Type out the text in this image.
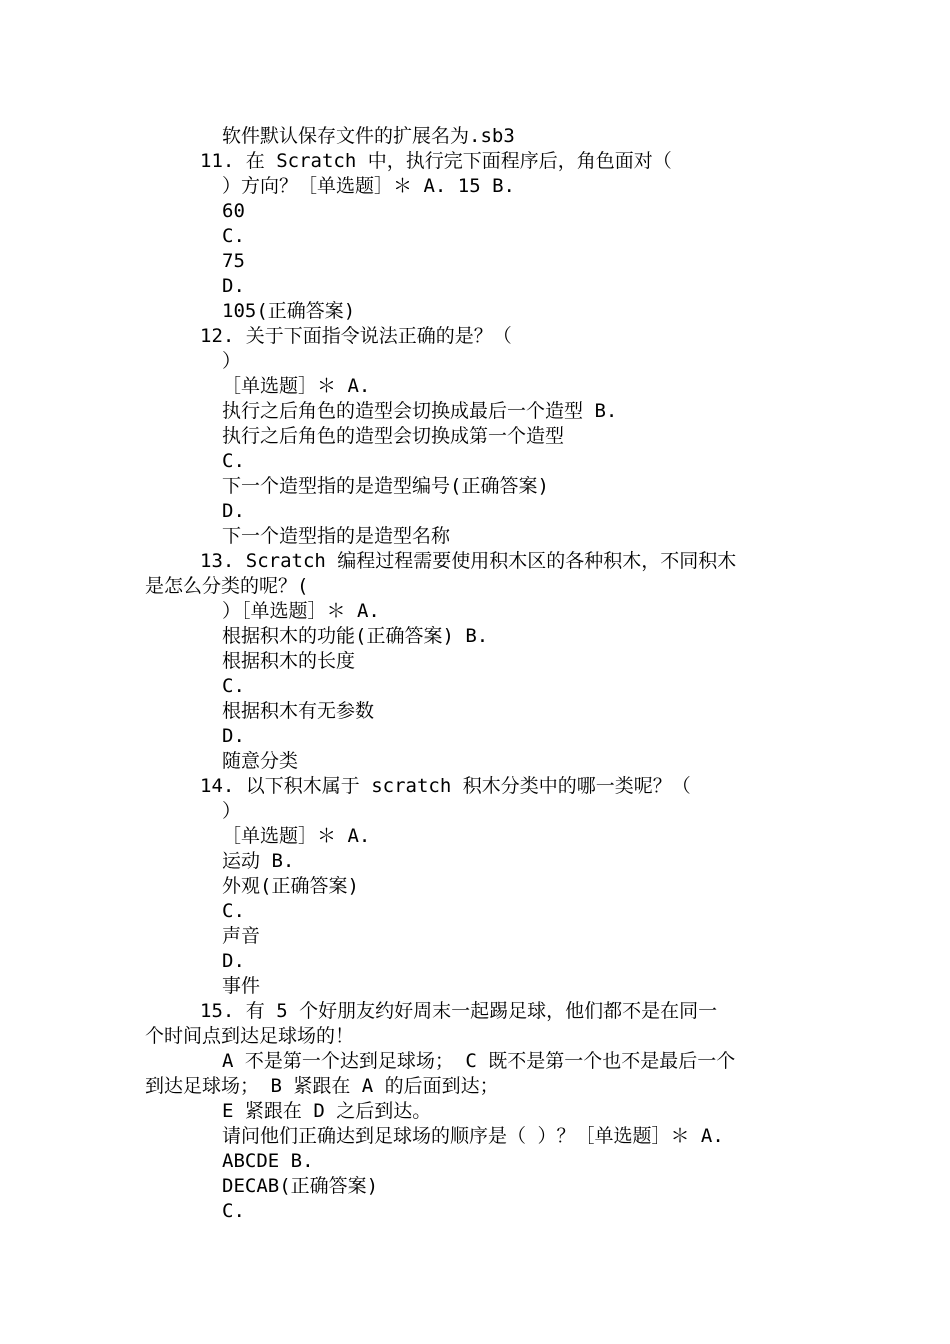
软件默认保存文件的扩展名为.sb3
11. 在 Scratch 中，执行完下面程序后，角色面对（
）方向？［单选题］＊ A. 15 B.
60
C.
75
D.
105(正确答案)
12. 关于下面指令说法正确的是？（
）
［单选题］＊ A.
执行之后角色的造型会切换成最后一个造型 B.
执行之后角色的造型会切换成第一个造型
C.
下一个造型指的是造型编号(正确答案)
D.
下一个造型指的是造型名称
13. Scratch 编程过程需要使用积木区的各种积木，不同积木
是怎么分类的呢？(
）［单选题］＊ A.
根据积木的功能(正确答案) B.
根据积木的长度
C.
根据积木有无参数
D.
随意分类
14. 以下积木属于 scratch 积木分类中的哪一类呢？（
）
［单选题］＊ A.
运动 B.
外观(正确答案)
C.
声音
D.
事件
15. 有 5 个好朋友约好周末一起踢足球，他们都不是在同一
个时间点到达足球场的！
A 不是第一个达到足球场； C 既不是第一个也不是最后一个
到达足球场； B 紧跟在 A 的后面到达；
E 紧跟在 D 之后到达。
请问他们正确达到足球场的顺序是（ ）？［单选题］＊ A.
ABCDE B.
DECAB(正确答案)
C.
